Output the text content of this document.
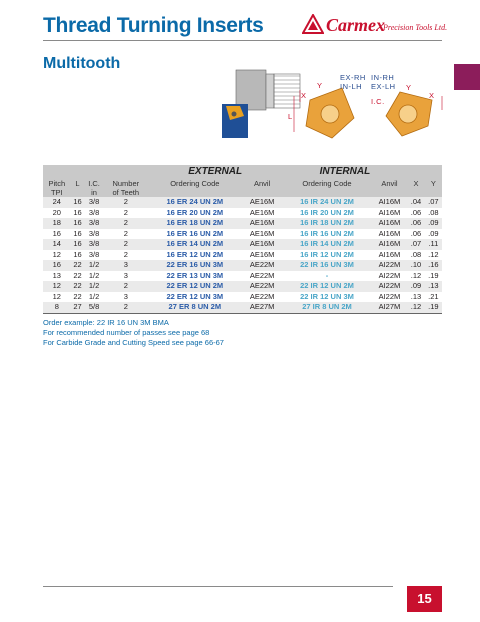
Thread Turning Inserts	Carmex
Precision Tools Ltd.
Multitooth
EX-RH
IN-LH
IN-RH
EX-LH
Y
X
L
Y
X
I.C.
				EXTERNAL		INTERNAL			
Pitch	L	I.C.	Number	Ordering Code	Anvil	Ordering Code	Anvil	X	Y
TPI		in	of Teeth						
24	16	3/8	2	16 ER 24 UN 2M	AE16M	16 IR 24 UN 2M	AI16M	.04	.07
20	16	3/8	2	16 ER 20 UN 2M	AE16M	16 IR 20 UN 2M	AI16M	.06	.08
18	16	3/8	2	16 ER 18 UN 2M	AE16M	16 IR 18 UN 2M	AI16M	.06	.09
16	16	3/8	2	16 ER 16 UN 2M	AE16M	16 IR 16 UN 2M	AI16M	.06	.09
14	16	3/8	2	16 ER 14 UN 2M	AE16M	16 IR 14 UN 2M	AI16M	.07	.11
12	16	3/8	2	16 ER 12 UN 2M	AE16M	16 IR 12 UN 2M	AI16M	.08	.12
16	22	1/2	3	22 ER 16 UN 3M	AE22M	22 IR 16 UN 3M	AI22M	.10	.16
13	22	1/2	3	22 ER 13 UN 3M	AE22M	-	AI22M	.12	.19
12	22	1/2	2	22 ER 12 UN 2M	AE22M	22 IR 12 UN 2M	AI22M	.09	.13
12	22	1/2	3	22 ER 12 UN 3M	AE22M	22 IR 12 UN 3M	AI22M	.13	.21
8	27	5/8	2	27 ER 8 UN 2M	AE27M	27 IR 8 UN 2M	AI27M	.12	.19
Order example: 22 IR 16 UN 3M BMA
For recommended number of passes see page 68
For Carbide Grade and Cutting Speed see page 66-67
15
